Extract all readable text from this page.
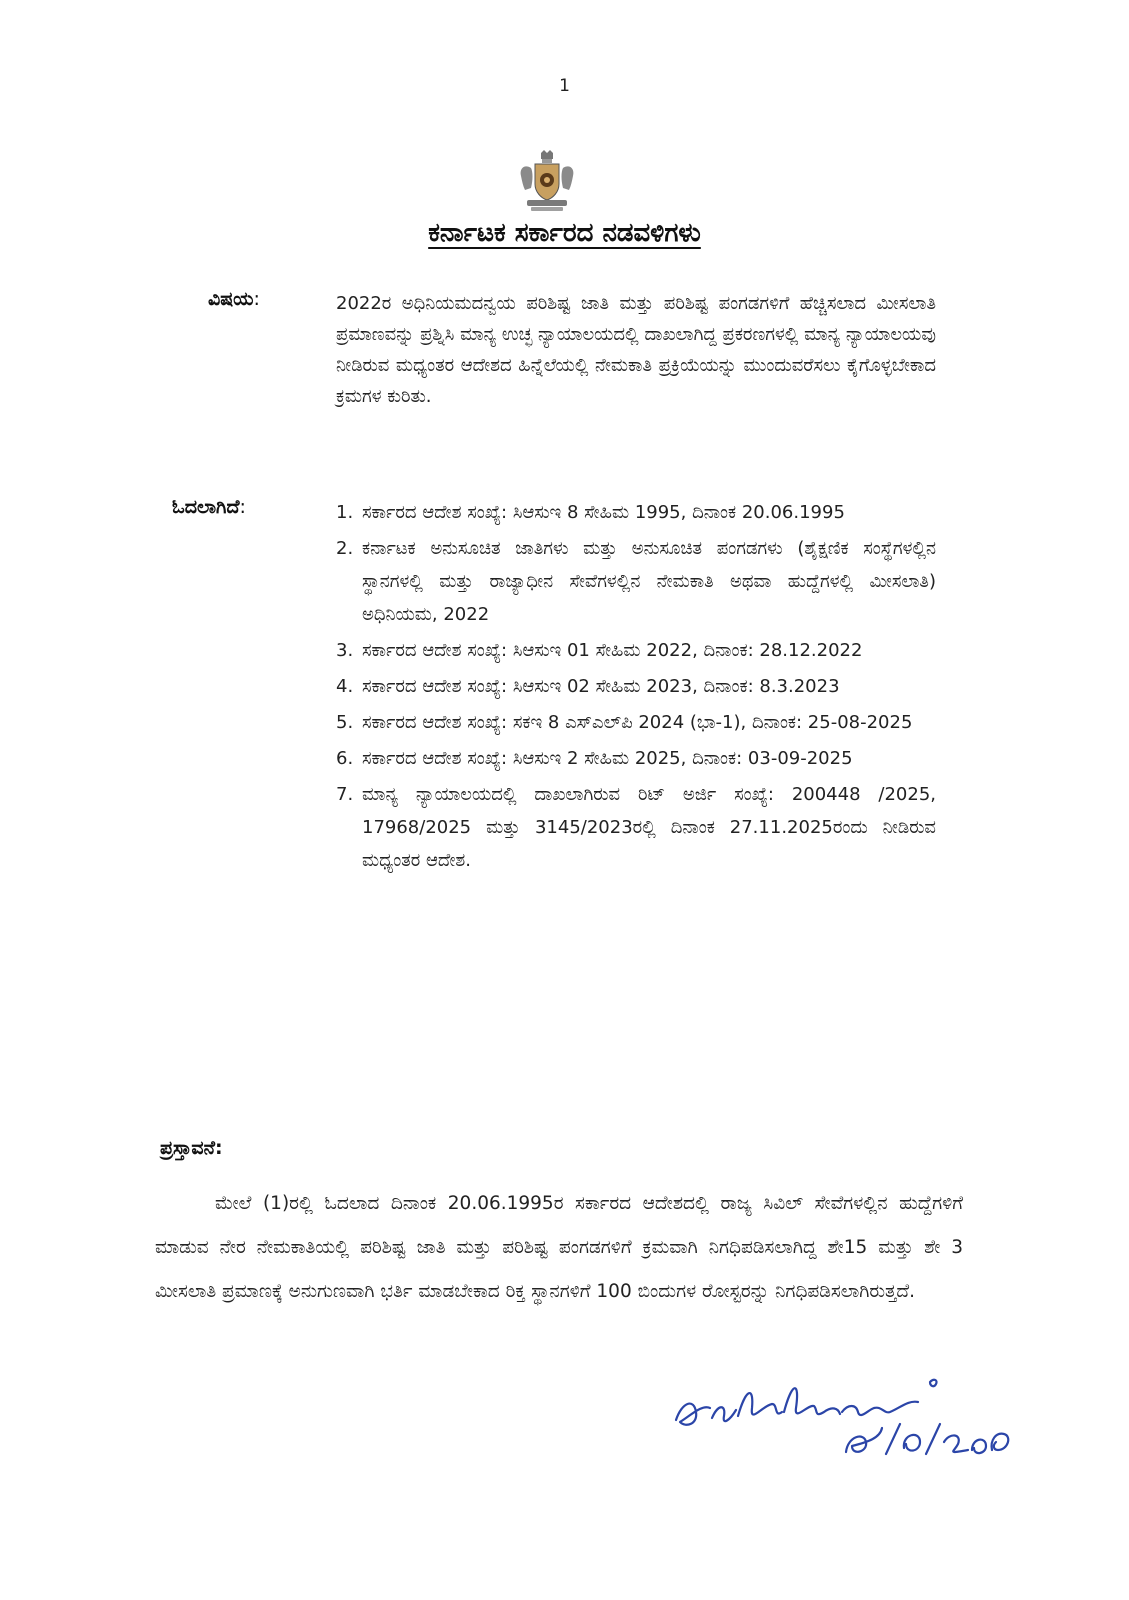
1
ಕರ್ನಾಟಕ ಸರ್ಕಾರದ ನಡವಳಿಗಳು
ವಿಷಯ:	2022ರ ಅಧಿನಿಯಮದನ್ವಯ ಪರಿಶಿಷ್ಟ ಜಾತಿ ಮತ್ತು ಪರಿಶಿಷ್ಟ ಪಂಗಡಗಳಿಗೆ ಹೆಚ್ಚಿಸಲಾದ ಮೀಸಲಾತಿ ಪ್ರಮಾಣವನ್ನು ಪ್ರಶ್ನಿಸಿ ಮಾನ್ಯ ಉಚ್ಛ ನ್ಯಾಯಾಲಯದಲ್ಲಿ ದಾಖಲಾಗಿದ್ದ ಪ್ರಕರಣಗಳಲ್ಲಿ ಮಾನ್ಯ ನ್ಯಾಯಾಲಯವು ನೀಡಿರುವ ಮಧ್ಯಂತರ ಆದೇಶದ ಹಿನ್ನೆಲೆಯಲ್ಲಿ ನೇಮಕಾತಿ ಪ್ರಕ್ರಿಯೆಯನ್ನು ಮುಂದುವರೆಸಲು ಕೈಗೊಳ್ಳಬೇಕಾದ ಕ್ರಮಗಳ ಕುರಿತು.
ಓದಲಾಗಿದೆ:	1. ಸರ್ಕಾರದ ಆದೇಶ ಸಂಖ್ಯೆ: ಸಿಆಸುಇ 8 ಸೇಹಿಮ 1995, ದಿನಾಂಕ 20.06.1995
2. ಕರ್ನಾಟಕ ಅನುಸೂಚಿತ ಜಾತಿಗಳು ಮತ್ತು ಅನುಸೂಚಿತ ಪಂಗಡಗಳು (ಶೈಕ್ಷಣಿಕ ಸಂಸ್ಥೆಗಳಲ್ಲಿನ ಸ್ಥಾನಗಳಲ್ಲಿ ಮತ್ತು ರಾಜ್ಯಾಧೀನ ಸೇವೆಗಳಲ್ಲಿನ ನೇಮಕಾತಿ ಅಥವಾ ಹುದ್ದೆಗಳಲ್ಲಿ ಮೀಸಲಾತಿ) ಅಧಿನಿಯಮ, 2022
3. ಸರ್ಕಾರದ ಆದೇಶ ಸಂಖ್ಯೆ: ಸಿಆಸುಇ 01 ಸೇಹಿಮ 2022, ದಿನಾಂಕ: 28.12.2022
4. ಸರ್ಕಾರದ ಆದೇಶ ಸಂಖ್ಯೆ: ಸಿಆಸುಇ 02 ಸೇಹಿಮ 2023, ದಿನಾಂಕ: 8.3.2023
5. ಸರ್ಕಾರದ ಆದೇಶ ಸಂಖ್ಯೆ: ಸಕಇ 8 ಎಸ್‌ಎಲ್‌ಪಿ 2024 (ಭಾ-1), ದಿನಾಂಕ: 25-08-2025
6. ಸರ್ಕಾರದ ಆದೇಶ ಸಂಖ್ಯೆ: ಸಿಆಸುಇ 2 ಸೇಹಿಮ 2025, ದಿನಾಂಕ: 03-09-2025
7. ಮಾನ್ಯ ನ್ಯಾಯಾಲಯದಲ್ಲಿ ದಾಖಲಾಗಿರುವ ರಿಟ್ ಅರ್ಜಿ ಸಂಖ್ಯೆ: 200448 /2025, 17968/2025 ಮತ್ತು 3145/2023ರಲ್ಲಿ ದಿನಾಂಕ 27.11.2025ರಂದು ನೀಡಿರುವ ಮಧ್ಯಂತರ ಆದೇಶ.
ಪ್ರಸ್ತಾವನೆ:
ಮೇಲೆ (1)ರಲ್ಲಿ ಓದಲಾದ ದಿನಾಂಕ 20.06.1995ರ ಸರ್ಕಾರದ ಆದೇಶದಲ್ಲಿ ರಾಜ್ಯ ಸಿವಿಲ್ ಸೇವೆಗಳಲ್ಲಿನ ಹುದ್ದೆಗಳಿಗೆ ಮಾಡುವ ನೇರ ನೇಮಕಾತಿಯಲ್ಲಿ ಪರಿಶಿಷ್ಟ ಜಾತಿ ಮತ್ತು ಪರಿಶಿಷ್ಟ ಪಂಗಡಗಳಿಗೆ ಕ್ರಮವಾಗಿ ನಿಗಧಿಪಡಿಸಲಾಗಿದ್ದ ಶೇ15 ಮತ್ತು ಶೇ 3 ಮೀಸಲಾತಿ ಪ್ರಮಾಣಕ್ಕೆ ಅನುಗುಣವಾಗಿ ಭರ್ತಿ ಮಾಡಬೇಕಾದ ರಿಕ್ತ ಸ್ಥಾನಗಳಿಗೆ 100 ಬಿಂದುಗಳ ರೋಸ್ಟರನ್ನು ನಿಗಧಿಪಡಿಸಲಾಗಿರುತ್ತದೆ.
